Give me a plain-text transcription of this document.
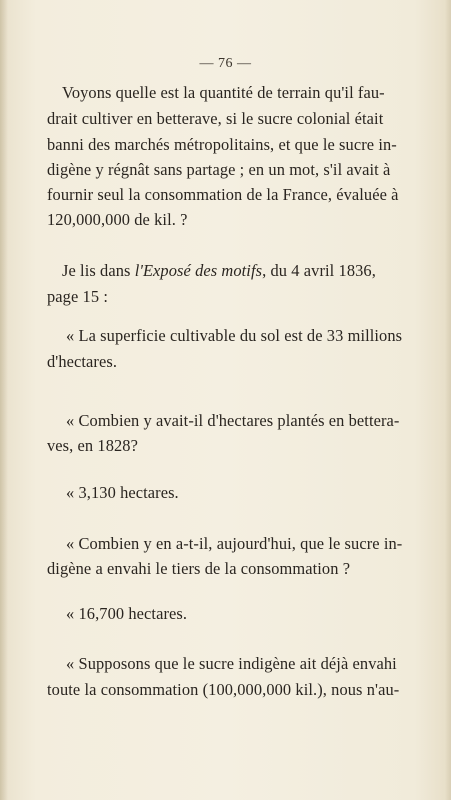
— 76 —
Voyons quelle est la quantité de terrain qu'il fau-
drait cultiver en betterave, si le sucre colonial était
banni des marchés métropolitains, et que le sucre in-
digène y régnât sans partage ; en un mot, s'il avait à
fournir seul la consommation de la France, évaluée à
120,000,000 de kil. ?
Je lis dans l'Exposé des motifs, du 4 avril 1836,
page 15 :
« La superficie cultivable du sol est de 33 millions
d'hectares.
« Combien y avait-il d'hectares plantés en bettera-
ves, en 1828?
« 3,130 hectares.
« Combien y en a-t-il, aujourd'hui, que le sucre in-
digène a envahi le tiers de la consommation ?
« 16,700 hectares.
« Supposons que le sucre indigène ait déjà envahi
toute la consommation (100,000,000 kil.), nous n'au-
